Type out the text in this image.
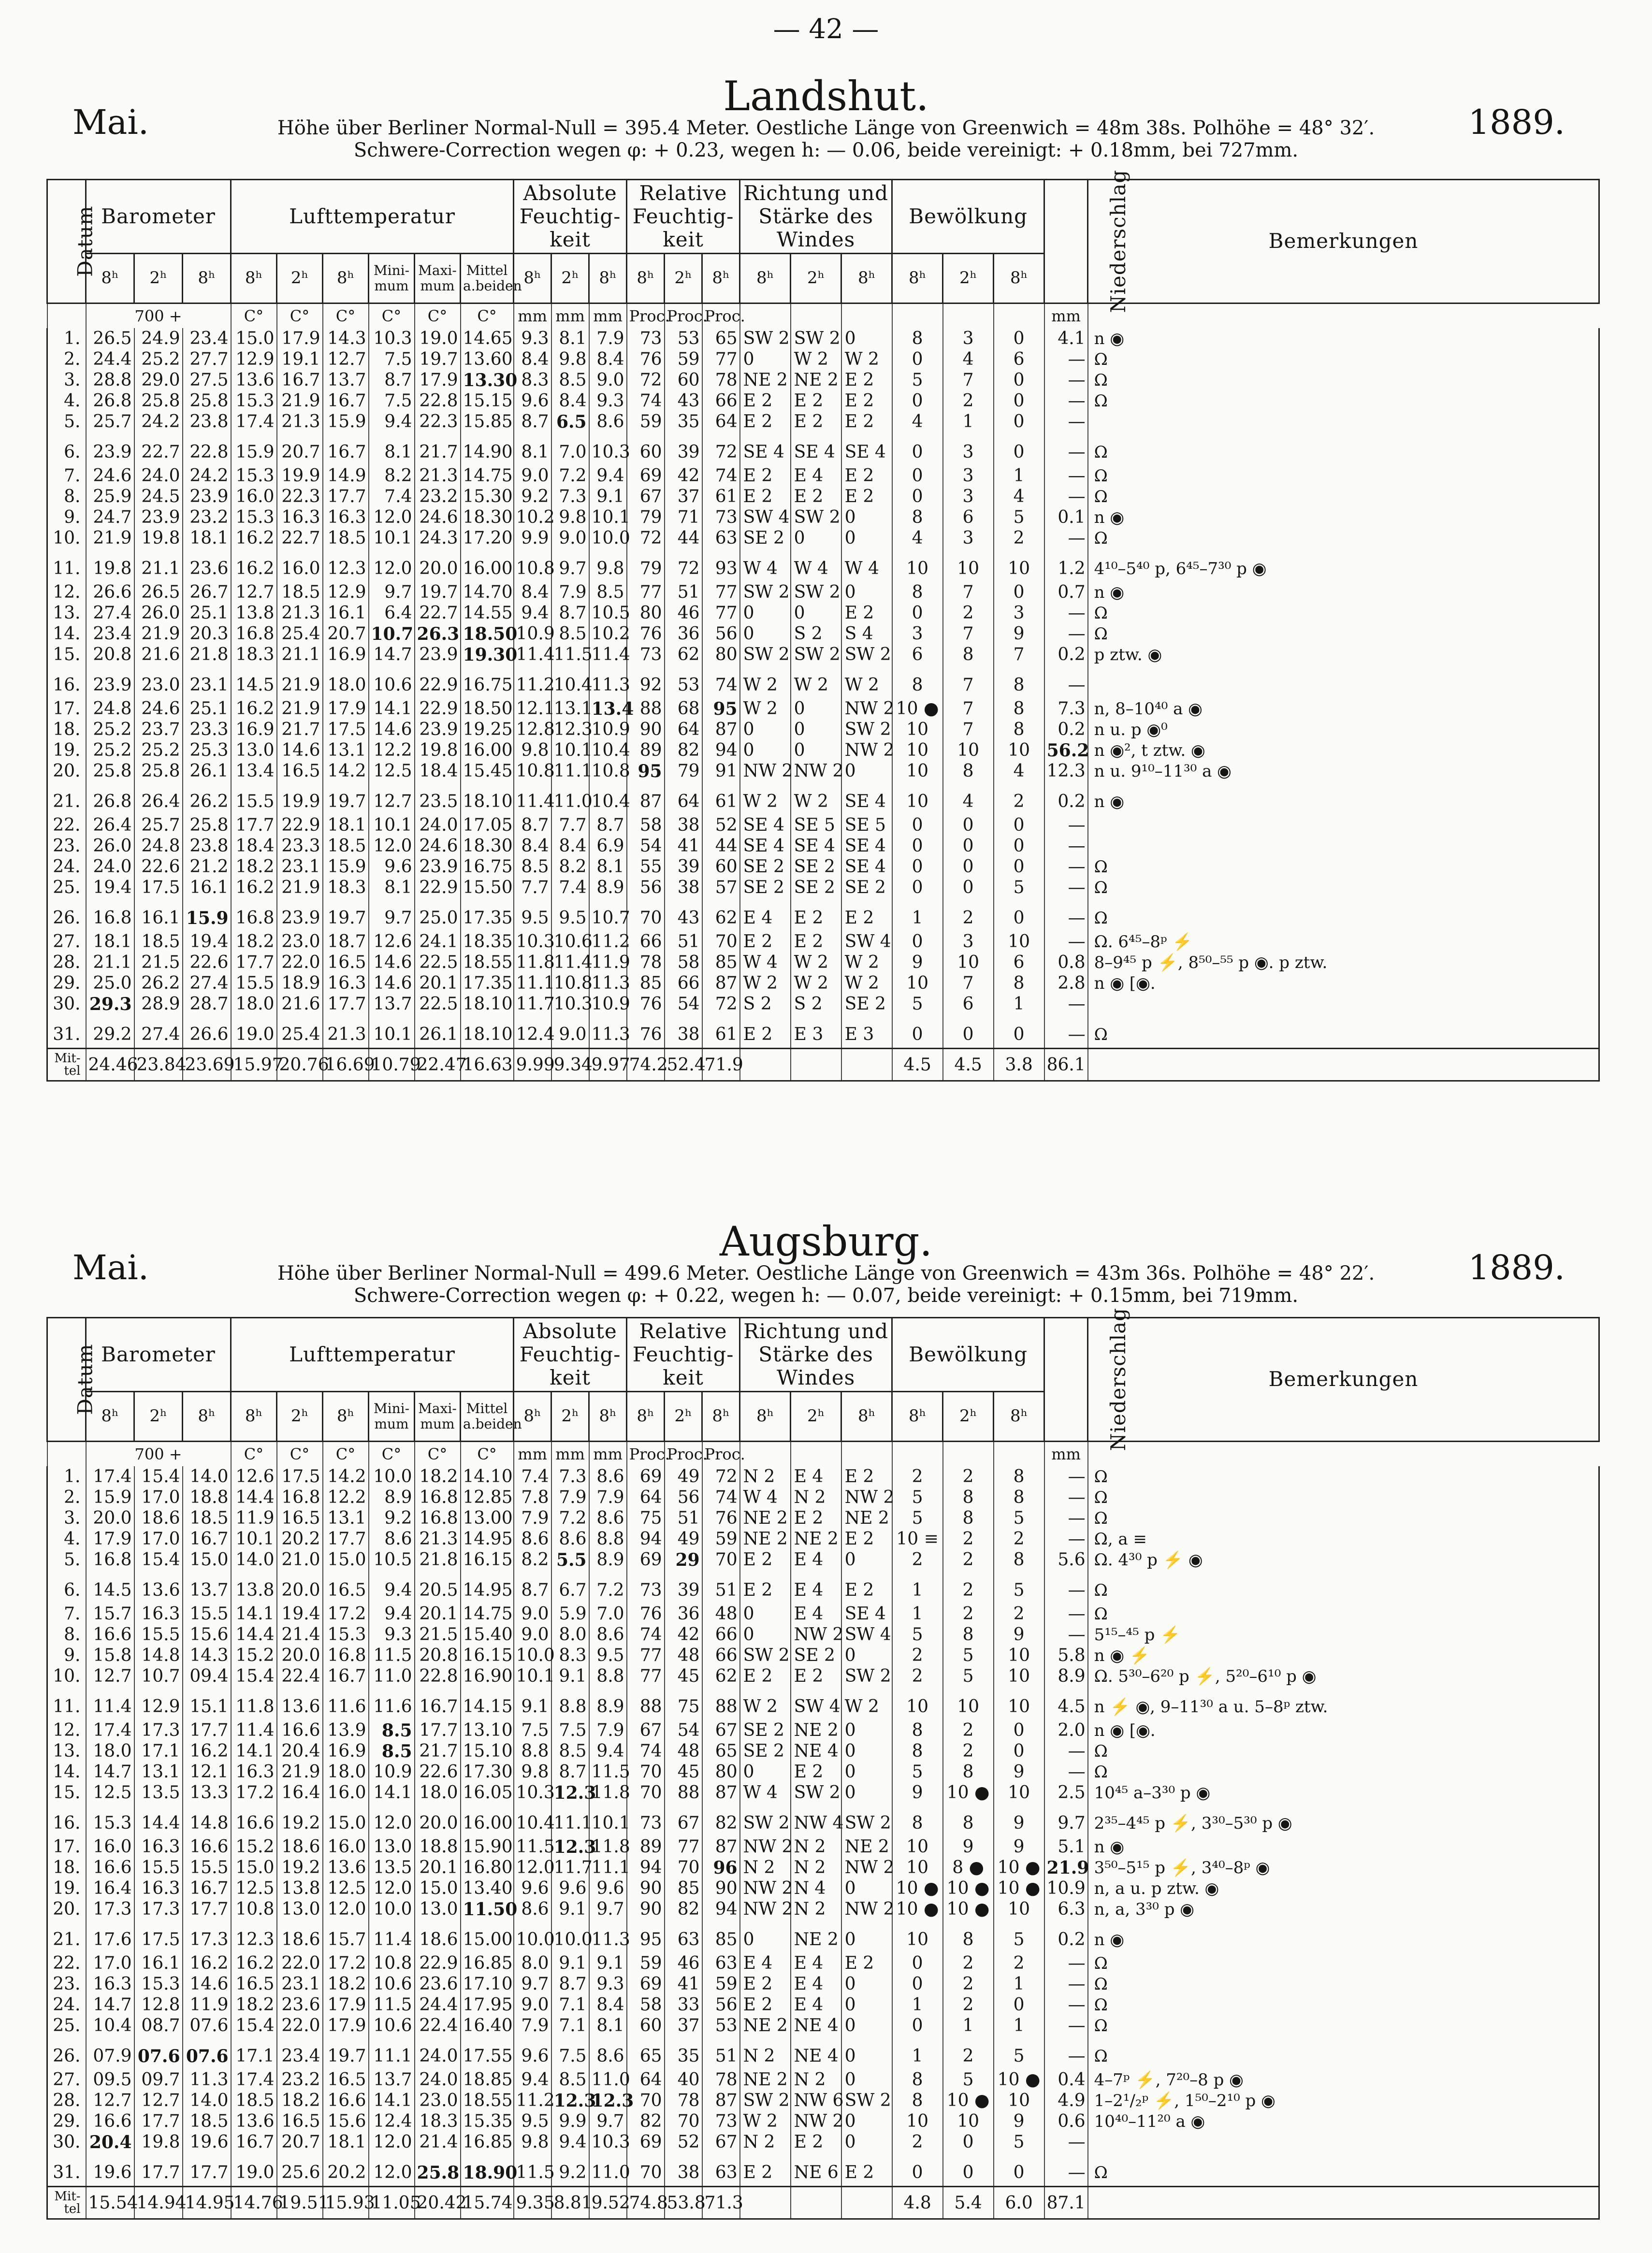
— 42 —
Landshut.
Mai.	1889.
Höhe über Berliner Normal-Null = 395.4 Meter. Oestliche Länge von Greenwich = 48m 38s. Polhöhe = 48° 32′.
Schwere-Correction wegen φ: + 0.23, wegen h: — 0.06, beide vereinigt: + 0.18mm, bei 727mm.
Datum	Barometer			Lufttemperatur						Absolute Feuchtig-keit			Relative Feuchtig-keit			Richtung und Stärke des Windes			Bewölkung			Niederschlag	Bemerkungen
	8ʰ	2ʰ	8ʰ	8ʰ	2ʰ	8ʰ	Mini-mum	Maxi-mum	Mittel a.beiden	8ʰ	2ʰ	8ʰ	8ʰ	2ʰ	8ʰ	8ʰ	2ʰ	8ʰ	8ʰ	2ʰ	8ʰ		
	700 +			C°	C°	C°	C°	C°	C°	mm	mm	mm	Proc.	Proc.	Proc.							mm	
1.	26.5	24.9	23.4	15.0	17.9	14.3	10.3	19.0	14.65	9.3	8.1	7.9	73	53	65	SW 2	SW 2	0	8	3	0	4.1	n ◉
2.	24.4	25.2	27.7	12.9	19.1	12.7	7.5	19.7	13.60	8.4	9.8	8.4	76	59	77	0	W 2	W 2	0	4	6	—	Ω
3.	28.8	29.0	27.5	13.6	16.7	13.7	8.7	17.9	13.30	8.3	8.5	9.0	72	60	78	NE 2	NE 2	E 2	5	7	0	—	Ω
4.	26.8	25.8	25.8	15.3	21.9	16.7	7.5	22.8	15.15	9.6	8.4	9.3	74	43	66	E 2	E 2	E 2	0	2	0	—	Ω
5.	25.7	24.2	23.8	17.4	21.3	15.9	9.4	22.3	15.85	8.7	6.5	8.6	59	35	64	E 2	E 2	E 2	4	1	0	—	
6.	23.9	22.7	22.8	15.9	20.7	16.7	8.1	21.7	14.90	8.1	7.0	10.3	60	39	72	SE 4	SE 4	SE 4	0	3	0	—	Ω
7.	24.6	24.0	24.2	15.3	19.9	14.9	8.2	21.3	14.75	9.0	7.2	9.4	69	42	74	E 2	E 4	E 2	0	3	1	—	Ω
8.	25.9	24.5	23.9	16.0	22.3	17.7	7.4	23.2	15.30	9.2	7.3	9.1	67	37	61	E 2	E 2	E 2	0	3	4	—	Ω
9.	24.7	23.9	23.2	15.3	16.3	16.3	12.0	24.6	18.30	10.2	9.8	10.1	79	71	73	SW 4	SW 2	0	8	6	5	0.1	n ◉
10.	21.9	19.8	18.1	16.2	22.7	18.5	10.1	24.3	17.20	9.9	9.0	10.0	72	44	63	SE 2	0	0	4	3	2	—	Ω
11.	19.8	21.1	23.6	16.2	16.0	12.3	12.0	20.0	16.00	10.8	9.7	9.8	79	72	93	W 4	W 4	W 4	10	10	10	1.2	4¹⁰–5⁴⁰ p, 6⁴⁵–7³⁰ p ◉
12.	26.6	26.5	26.7	12.7	18.5	12.9	9.7	19.7	14.70	8.4	7.9	8.5	77	51	77	SW 2	SW 2	0	8	7	0	0.7	n ◉
13.	27.4	26.0	25.1	13.8	21.3	16.1	6.4	22.7	14.55	9.4	8.7	10.5	80	46	77	0	0	E 2	0	2	3	—	Ω
14.	23.4	21.9	20.3	16.8	25.4	20.7	10.7	26.3	18.50	10.9	8.5	10.2	76	36	56	0	S 2	S 4	3	7	9	—	Ω
15.	20.8	21.6	21.8	18.3	21.1	16.9	14.7	23.9	19.30	11.4	11.5	11.4	73	62	80	SW 2	SW 2	SW 2	6	8	7	0.2	p ztw. ◉
16.	23.9	23.0	23.1	14.5	21.9	18.0	10.6	22.9	16.75	11.2	10.4	11.3	92	53	74	W 2	W 2	W 2	8	7	8	—	
17.	24.8	24.6	25.1	16.2	21.9	17.9	14.1	22.9	18.50	12.1	13.1	13.4	88	68	95	W 2	0	NW 2	10 ●	7	8	7.3	n, 8–10⁴⁰ a ◉
18.	25.2	23.7	23.3	16.9	21.7	17.5	14.6	23.9	19.25	12.8	12.3	10.9	90	64	87	0	0	SW 2	10	7	8	0.2	n u. p ◉⁰
19.	25.2	25.2	25.3	13.0	14.6	13.1	12.2	19.8	16.00	9.8	10.1	10.4	89	82	94	0	0	NW 2	10	10	10	56.2	n ◉², t ztw. ◉
20.	25.8	25.8	26.1	13.4	16.5	14.2	12.5	18.4	15.45	10.8	11.1	10.8	95	79	91	NW 2	NW 2	0	10	8	4	12.3	n u. 9¹⁰–11³⁰ a ◉
21.	26.8	26.4	26.2	15.5	19.9	19.7	12.7	23.5	18.10	11.4	11.0	10.4	87	64	61	W 2	W 2	SE 4	10	4	2	0.2	n ◉
22.	26.4	25.7	25.8	17.7	22.9	18.1	10.1	24.0	17.05	8.7	7.7	8.7	58	38	52	SE 4	SE 5	SE 5	0	0	0	—	
23.	26.0	24.8	23.8	18.4	23.3	18.5	12.0	24.6	18.30	8.4	8.4	6.9	54	41	44	SE 4	SE 4	SE 4	0	0	0	—	
24.	24.0	22.6	21.2	18.2	23.1	15.9	9.6	23.9	16.75	8.5	8.2	8.1	55	39	60	SE 2	SE 2	SE 4	0	0	0	—	Ω
25.	19.4	17.5	16.1	16.2	21.9	18.3	8.1	22.9	15.50	7.7	7.4	8.9	56	38	57	SE 2	SE 2	SE 2	0	0	5	—	Ω
26.	16.8	16.1	15.9	16.8	23.9	19.7	9.7	25.0	17.35	9.5	9.5	10.7	70	43	62	E 4	E 2	E 2	1	2	0	—	Ω
27.	18.1	18.5	19.4	18.2	23.0	18.7	12.6	24.1	18.35	10.3	10.6	11.2	66	51	70	E 2	E 2	SW 4	0	3	10	—	Ω. 6⁴⁵–8ᵖ ⚡
28.	21.1	21.5	22.6	17.7	22.0	16.5	14.6	22.5	18.55	11.8	11.4	11.9	78	58	85	W 4	W 2	W 2	9	10	6	0.8	8–9⁴⁵ p ⚡, 8⁵⁰–⁵⁵ p ◉. p ztw.
29.	25.0	26.2	27.4	15.5	18.9	16.3	14.6	20.1	17.35	11.1	10.8	11.3	85	66	87	W 2	W 2	W 2	10	7	8	2.8	n ◉ [◉.
30.	29.3	28.9	28.7	18.0	21.6	17.7	13.7	22.5	18.10	11.7	10.3	10.9	76	54	72	S 2	S 2	SE 2	5	6	1	—	
31.	29.2	27.4	26.6	19.0	25.4	21.3	10.1	26.1	18.10	12.4	9.0	11.3	76	38	61	E 2	E 3	E 3	0	0	0	—	Ω
Mit-tel	24.46	23.84	23.69	15.97	20.76	16.69	10.79	22.47	16.63	9.99	9.34	9.97	74.2	52.4	71.9				4.5	4.5	3.8	86.1	
Augsburg.
Mai.	1889.
Höhe über Berliner Normal-Null = 499.6 Meter. Oestliche Länge von Greenwich = 43m 36s. Polhöhe = 48° 22′.
Schwere-Correction wegen φ: + 0.22, wegen h: — 0.07, beide vereinigt: + 0.15mm, bei 719mm.
Datum	Barometer			Lufttemperatur						Absolute Feuchtig-keit			Relative Feuchtig-keit			Richtung und Stärke des Windes			Bewölkung			Niederschlag	Bemerkungen
	8ʰ	2ʰ	8ʰ	8ʰ	2ʰ	8ʰ	Mini-mum	Maxi-mum	Mittel a.beiden	8ʰ	2ʰ	8ʰ	8ʰ	2ʰ	8ʰ	8ʰ	2ʰ	8ʰ	8ʰ	2ʰ	8ʰ		
	700 +			C°	C°	C°	C°	C°	C°	mm	mm	mm	Proc.	Proc.	Proc.							mm	
1.	17.4	15.4	14.0	12.6	17.5	14.2	10.0	18.2	14.10	7.4	7.3	8.6	69	49	72	N 2	E 4	E 2	2	2	8	—	Ω
2.	15.9	17.0	18.8	14.4	16.8	12.2	8.9	16.8	12.85	7.8	7.9	7.9	64	56	74	W 4	N 2	NW 2	5	8	8	—	Ω
3.	20.0	18.6	18.5	11.9	16.5	13.1	9.2	16.8	13.00	7.9	7.2	8.6	75	51	76	NE 2	E 2	NE 2	5	8	5	—	Ω
4.	17.9	17.0	16.7	10.1	20.2	17.7	8.6	21.3	14.95	8.6	8.6	8.8	94	49	59	NE 2	NE 2	E 2	10 ≡	2	2	—	Ω, a ≡
5.	16.8	15.4	15.0	14.0	21.0	15.0	10.5	21.8	16.15	8.2	5.5	8.9	69	29	70	E 2	E 4	0	2	2	8	5.6	Ω. 4³⁰ p ⚡ ◉
6.	14.5	13.6	13.7	13.8	20.0	16.5	9.4	20.5	14.95	8.7	6.7	7.2	73	39	51	E 2	E 4	E 2	1	2	5	—	Ω
7.	15.7	16.3	15.5	14.1	19.4	17.2	9.4	20.1	14.75	9.0	5.9	7.0	76	36	48	0	E 4	SE 4	1	2	2	—	Ω
8.	16.6	15.5	15.6	14.4	21.4	15.3	9.3	21.5	15.40	9.0	8.0	8.6	74	42	66	0	NW 2	SW 4	5	8	9	—	5¹⁵–⁴⁵ p ⚡
9.	15.8	14.8	14.3	15.2	20.0	16.8	11.5	20.8	16.15	10.0	8.3	9.5	77	48	66	SW 2	SE 2	0	2	5	10	5.8	n ◉ ⚡
10.	12.7	10.7	09.4	15.4	22.4	16.7	11.0	22.8	16.90	10.1	9.1	8.8	77	45	62	E 2	E 2	SW 2	2	5	10	8.9	Ω. 5³⁰–6²⁰ p ⚡, 5²⁰–6¹⁰ p ◉
11.	11.4	12.9	15.1	11.8	13.6	11.6	11.6	16.7	14.15	9.1	8.8	8.9	88	75	88	W 2	SW 4	W 2	10	10	10	4.5	n ⚡ ◉, 9–11³⁰ a u. 5–8ᵖ ztw.
12.	17.4	17.3	17.7	11.4	16.6	13.9	8.5	17.7	13.10	7.5	7.5	7.9	67	54	67	SE 2	NE 2	0	8	2	0	2.0	n ◉ [◉.
13.	18.0	17.1	16.2	14.1	20.4	16.9	8.5	21.7	15.10	8.8	8.5	9.4	74	48	65	SE 2	NE 4	0	8	2	0	—	Ω
14.	14.7	13.1	12.1	16.3	21.9	18.0	10.9	22.6	17.30	9.8	8.7	11.5	70	45	80	0	E 2	0	5	8	9	—	Ω
15.	12.5	13.5	13.3	17.2	16.4	16.0	14.1	18.0	16.05	10.3	12.3	11.8	70	88	87	W 4	SW 2	0	9	10 ●	10	2.5	10⁴⁵ a–3³⁰ p ◉
16.	15.3	14.4	14.8	16.6	19.2	15.0	12.0	20.0	16.00	10.4	11.1	10.1	73	67	82	SW 2	NW 4	SW 2	8	8	9	9.7	2³⁵–4⁴⁵ p ⚡, 3³⁰–5³⁰ p ◉
17.	16.0	16.3	16.6	15.2	18.6	16.0	13.0	18.8	15.90	11.5	12.3	11.8	89	77	87	NW 2	N 2	NE 2	10	9	9	5.1	n ◉
18.	16.6	15.5	15.5	15.0	19.2	13.6	13.5	20.1	16.80	12.0	11.7	11.1	94	70	96	N 2	N 2	NW 2	10	8 ●	10 ●	21.9	3⁵⁰–5¹⁵ p ⚡, 3⁴⁰–8ᵖ ◉
19.	16.4	16.3	16.7	12.5	13.8	12.5	12.0	15.0	13.40	9.6	9.6	9.6	90	85	90	NW 2	N 4	0	10 ●	10 ●	10 ●	10.9	n, a u. p ztw. ◉
20.	17.3	17.3	17.7	10.8	13.0	12.0	10.0	13.0	11.50	8.6	9.1	9.7	90	82	94	NW 2	N 2	NW 2	10 ●	10 ●	10	6.3	n, a, 3³⁰ p ◉
21.	17.6	17.5	17.3	12.3	18.6	15.7	11.4	18.6	15.00	10.0	10.0	11.3	95	63	85	0	NE 2	0	10	8	5	0.2	n ◉
22.	17.0	16.1	16.2	16.2	22.0	17.2	10.8	22.9	16.85	8.0	9.1	9.1	59	46	63	E 4	E 4	E 2	0	2	2	—	Ω
23.	16.3	15.3	14.6	16.5	23.1	18.2	10.6	23.6	17.10	9.7	8.7	9.3	69	41	59	E 2	E 4	0	0	2	1	—	Ω
24.	14.7	12.8	11.9	18.2	23.6	17.9	11.5	24.4	17.95	9.0	7.1	8.4	58	33	56	E 2	E 4	0	1	2	0	—	Ω
25.	10.4	08.7	07.6	15.4	22.0	17.9	10.6	22.4	16.40	7.9	7.1	8.1	60	37	53	NE 2	NE 4	0	0	1	1	—	Ω
26.	07.9	07.6	07.6	17.1	23.4	19.7	11.1	24.0	17.55	9.6	7.5	8.6	65	35	51	N 2	NE 4	0	1	2	5	—	Ω
27.	09.5	09.7	11.3	17.4	23.2	16.5	13.7	24.0	18.85	9.4	8.5	11.0	64	40	78	NE 2	N 2	0	8	5	10 ●	0.4	4–7ᵖ ⚡, 7²⁰–8 p ◉
28.	12.7	12.7	14.0	18.5	18.2	16.6	14.1	23.0	18.55	11.2	12.3	12.3	70	78	87	SW 2	NW 6	SW 2	8	10 ●	10	4.9	1–2¹/₂ᵖ ⚡, 1⁵⁰–2¹⁰ p ◉
29.	16.6	17.7	18.5	13.6	16.5	15.6	12.4	18.3	15.35	9.5	9.9	9.7	82	70	73	W 2	NW 2	0	10	10	9	0.6	10⁴⁰–11²⁰ a ◉
30.	20.4	19.8	19.6	16.7	20.7	18.1	12.0	21.4	16.85	9.8	9.4	10.3	69	52	67	N 2	E 2	0	2	0	5	—	
31.	19.6	17.7	17.7	19.0	25.6	20.2	12.0	25.8	18.90	11.5	9.2	11.0	70	38	63	E 2	NE 6	E 2	0	0	0	—	Ω
Mit-tel	15.54	14.94	14.95	14.76	19.51	15.93	11.05	20.42	15.74	9.35	8.81	9.52	74.8	53.8	71.3				4.8	5.4	6.0	87.1	
